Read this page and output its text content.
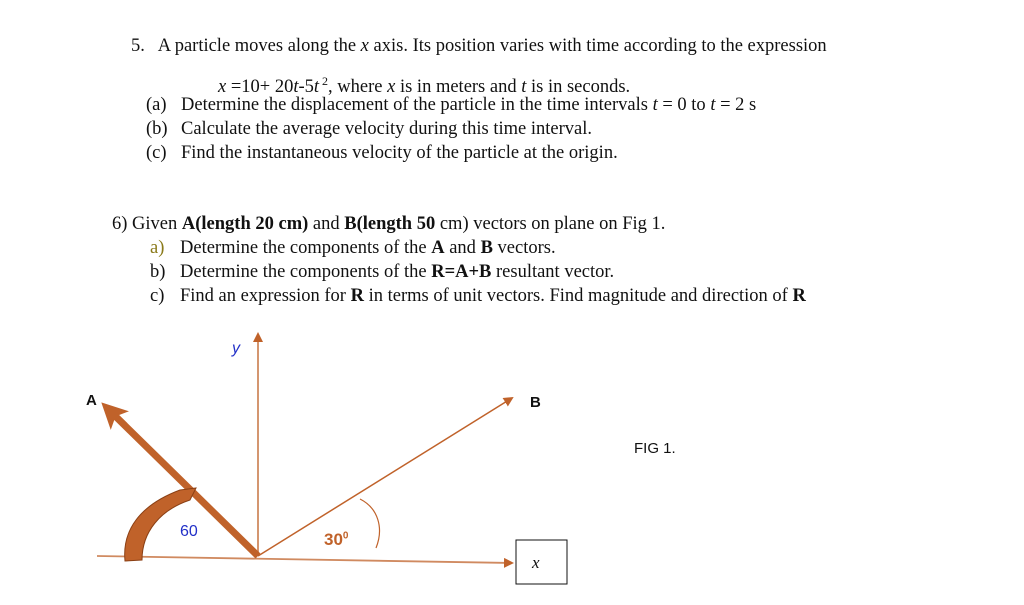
5. A particle moves along the x axis. Its position varies with time according to the expression
x =10+ 20t-5t $^2$, where x is in meters and t is in seconds.
(a) Determine the displacement of the particle in the time intervals t = 0 to t = 2 s
(b) Calculate the average velocity during this time interval.
(c) Find the instantaneous velocity of the particle at the origin.
6) Given A(length 20 cm) and B(length 50 cm) vectors on plane on Fig 1.
a) Determine the components of the A and B vectors.
b) Determine the components of the R=A+B resultant vector.
c) Find an expression for R in terms of unit vectors. Find magnitude and direction of R
A	B
y
60	$30^0$
x
FIG 1.
